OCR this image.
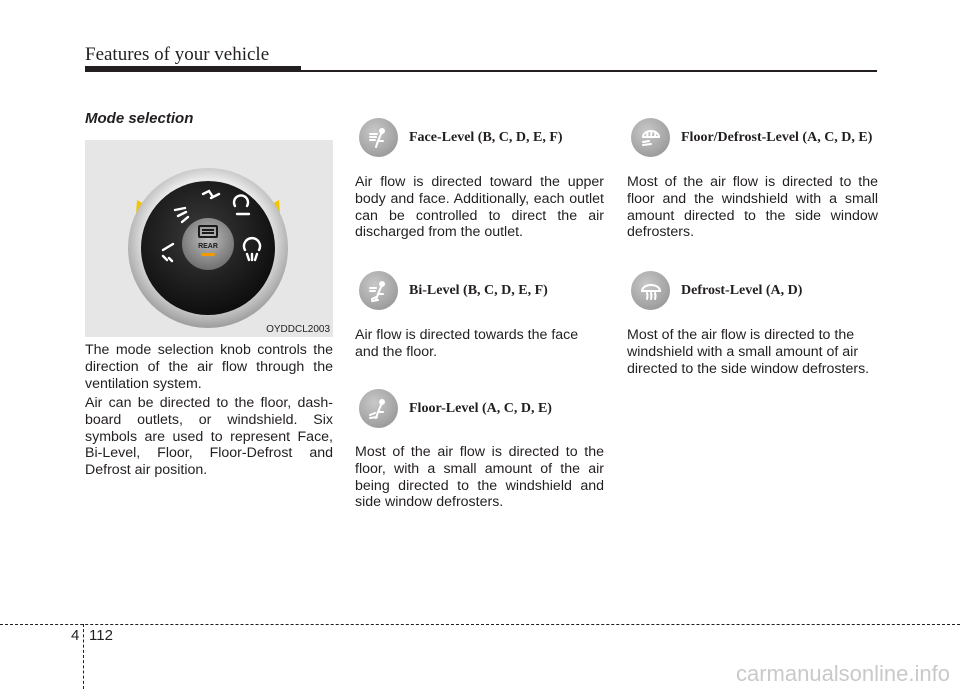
Features of your vehicle
Mode selection
REAR
OYDDCL2003

The mode selection knob controls the direction of the air flow through the ventilation system.

Air can be directed to the floor, dash-board outlets, or windshield. Six symbols are used to represent Face, Bi-Level, Floor, Floor-Defrost and Defrost air position.

Face-Level (B, C, D, E, F)

Air flow is directed toward the upper body and face. Additionally, each outlet can be controlled to direct the air discharged from the outlet.

Bi-Level (B, C, D, E, F)

Air flow is directed towards the face and the floor.

Floor-Level (A, C, D, E)

Most of the air flow is directed to the floor, with a small amount of the air being directed to the windshield and side window defrosters.

Floor/Defrost-Level (A, C, D, E)

Most of the air flow is directed to the floor and the windshield with a small amount directed to the side window defrosters.

Defrost-Level (A, D)

Most of the air flow is directed to the windshield with a small amount of air directed to the side window defrosters.

4 112
carmanualsonline.info
